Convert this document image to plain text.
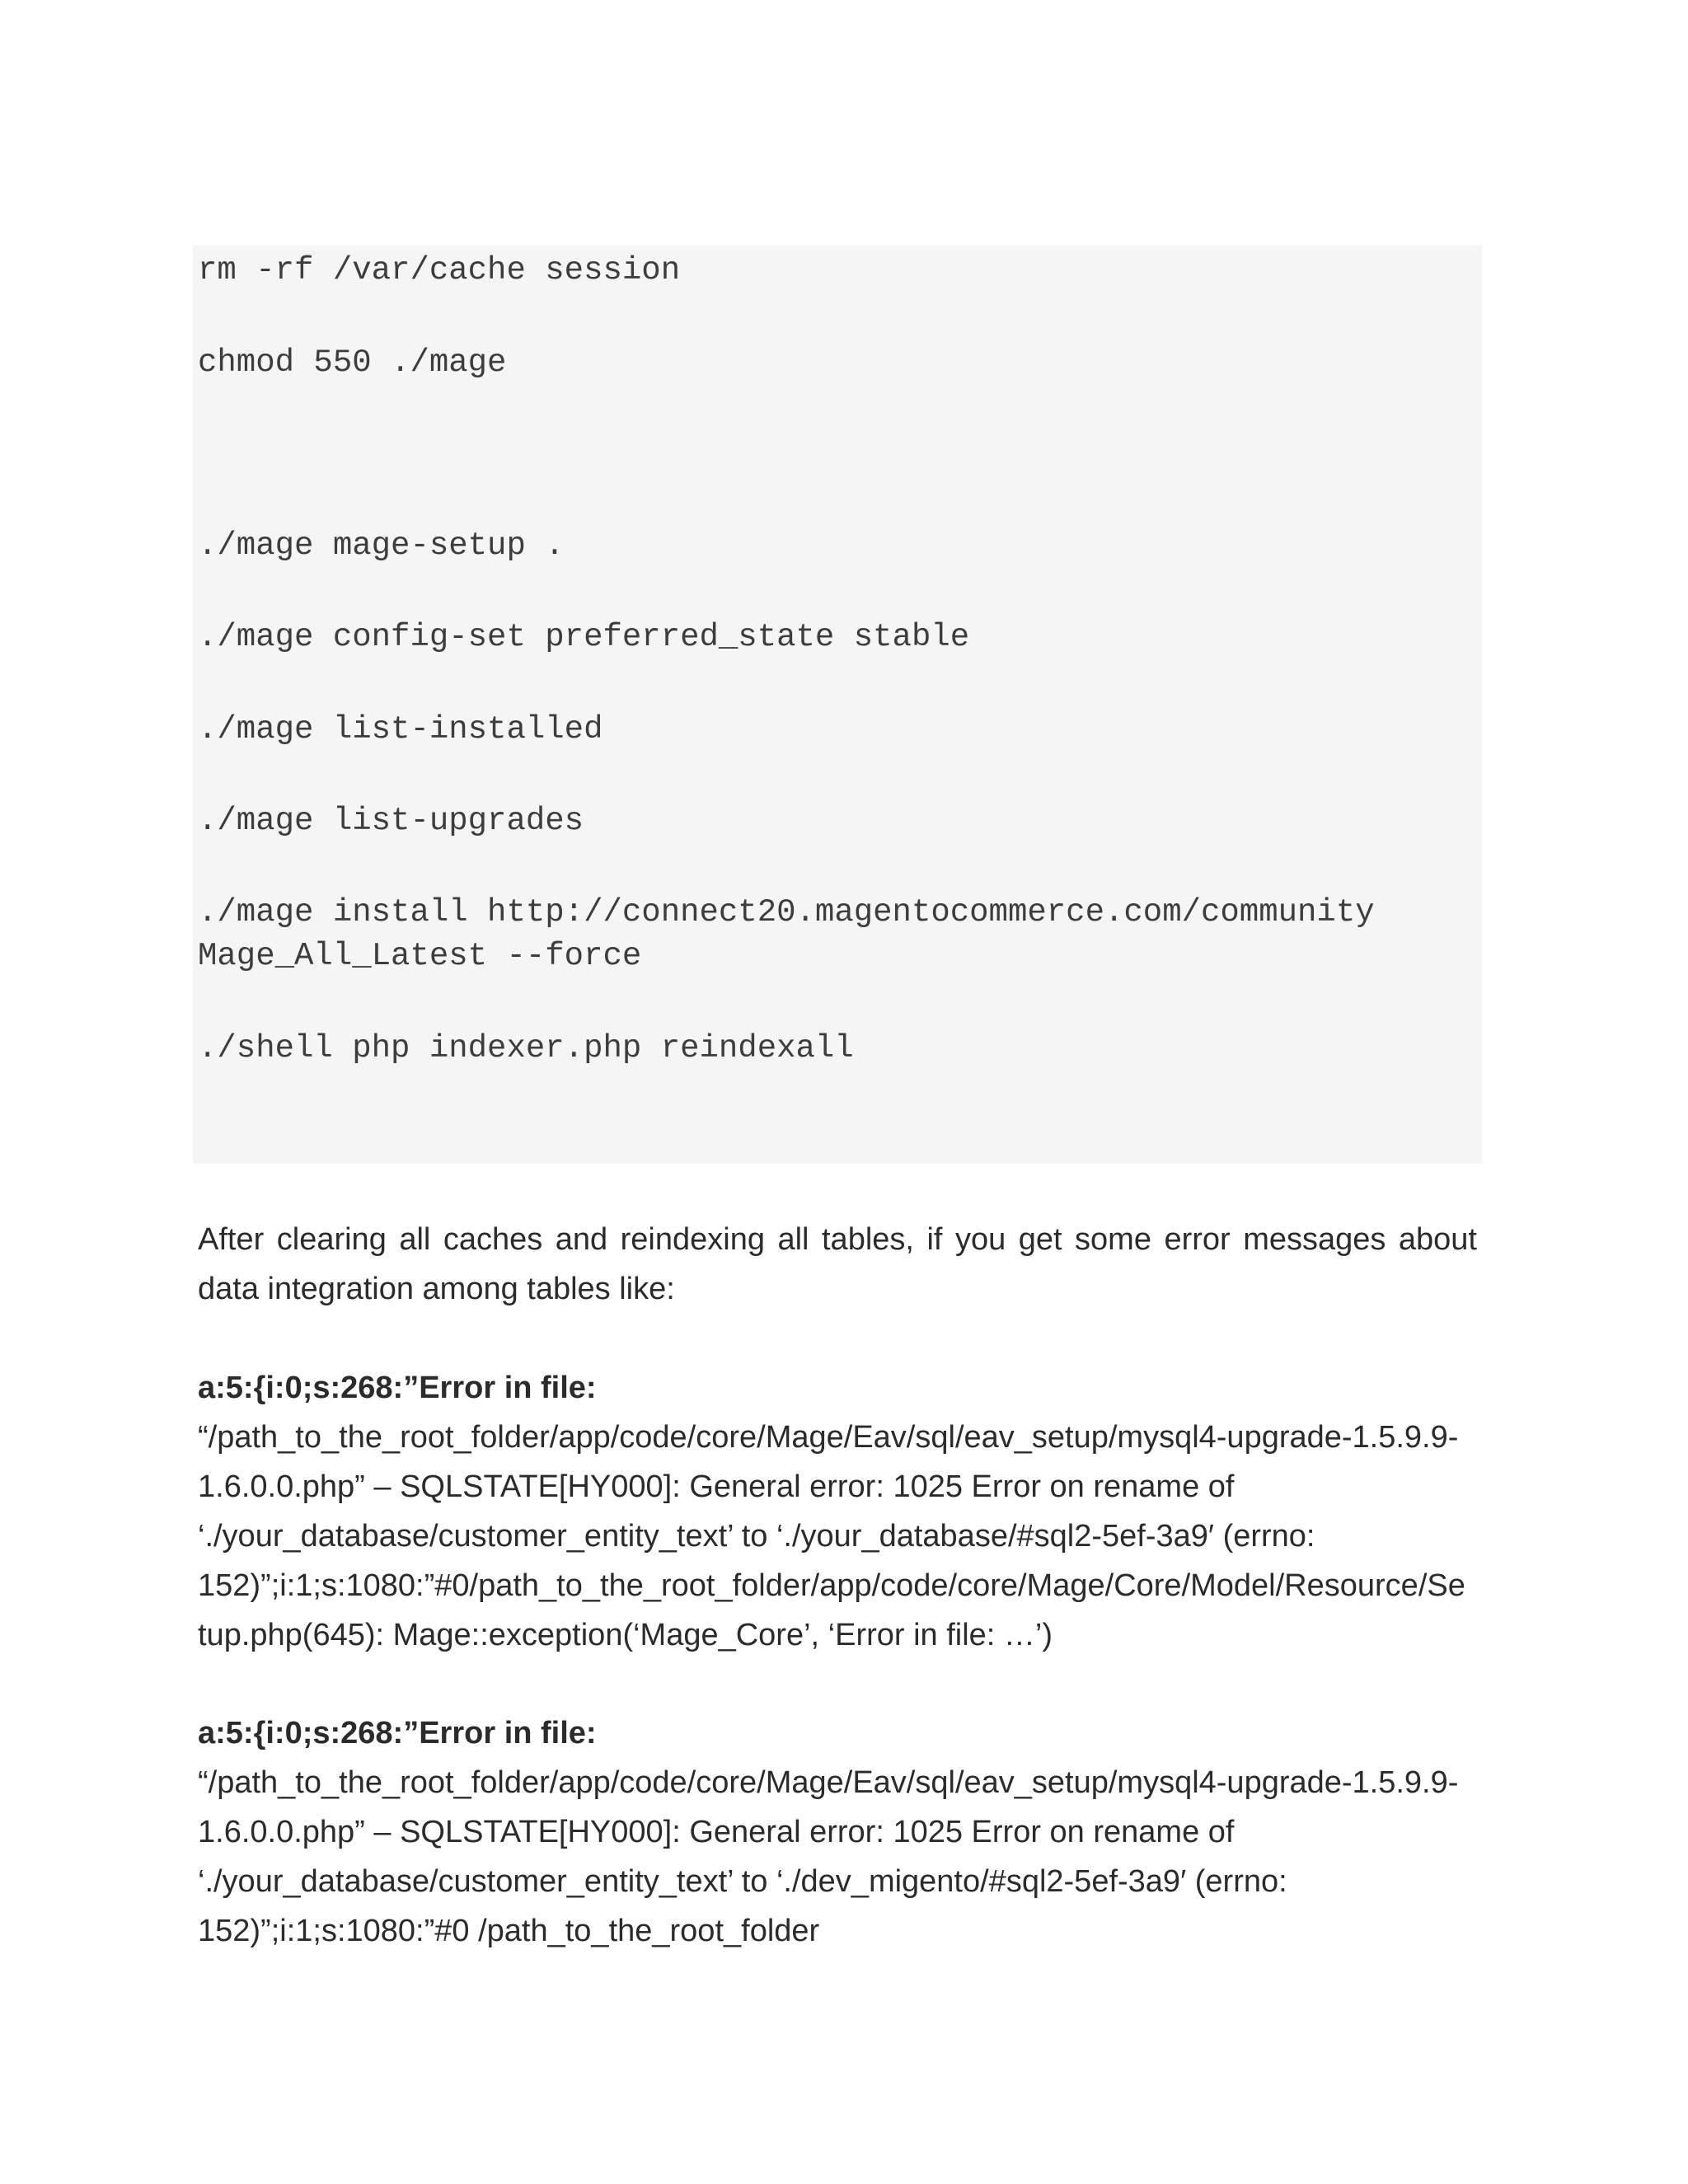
rm -rf /var/cache session

chmod 550 ./mage

./mage mage-setup .

./mage config-set preferred_state stable

./mage list-installed

./mage list-upgrades

./mage install http://connect20.magentocommerce.com/community

Mage_All_Latest --force

./shell php indexer.php reindexall

After clearing all caches and reindexing all tables, if you get some error messages about data integration among tables like:

a:5:{i:0;s:268:”Error in file:

“/path_to_the_root_folder/app/code/core/Mage/Eav/sql/eav_setup/mysql4-upgrade-1.5.9.9-

1.6.0.0.php” – SQLSTATE[HY000]: General error: 1025 Error on rename of

‘./your_database/customer_entity_text’ to ‘./your_database/#sql2-5ef-3a9′ (errno:

152)”;i:1;s:1080:”#0/path_to_the_root_folder/app/code/core/Mage/Core/Model/Resource/Se

tup.php(645): Mage::exception(‘Mage_Core’, ‘Error in file: …’)

a:5:{i:0;s:268:”Error in file:

“/path_to_the_root_folder/app/code/core/Mage/Eav/sql/eav_setup/mysql4-upgrade-1.5.9.9-

1.6.0.0.php” – SQLSTATE[HY000]: General error: 1025 Error on rename of

‘./your_database/customer_entity_text’ to ‘./dev_migento/#sql2-5ef-3a9′ (errno:

152)”;i:1;s:1080:”#0 /path_to_the_root_folder
